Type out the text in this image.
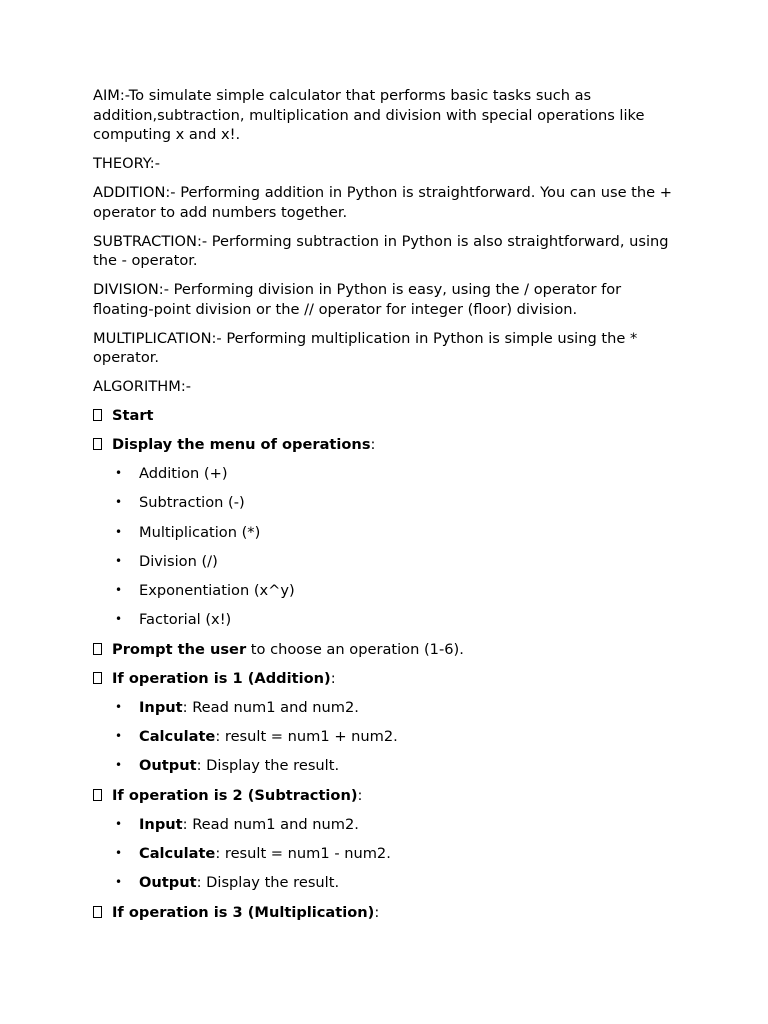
AIM:-To simulate simple calculator that performs basic tasks such as addition,subtraction, multiplication and division with special operations like computing x and x!.

THEORY:-

ADDITION:- Performing addition in Python is straightforward. You can use the + operator to add numbers together.

SUBTRACTION:- Performing subtraction in Python is also straightforward, using the - operator.

DIVISION:- Performing division in Python is easy, using the / operator for floating-point division or the // operator for integer (floor) division.

MULTIPLICATION:- Performing multiplication in Python is simple using the * operator.

ALGORITHM:-

Start
Display the menu of operations:
• Addition (+)
• Subtraction (-)
• Multiplication (*)
• Division (/)
• Exponentiation (x^y)
• Factorial (x!)
Prompt the user to choose an operation (1-6).
If operation is 1 (Addition):
• Input: Read num1 and num2.
• Calculate: result = num1 + num2.
• Output: Display the result.
If operation is 2 (Subtraction):
• Input: Read num1 and num2.
• Calculate: result = num1 - num2.
• Output: Display the result.
If operation is 3 (Multiplication):
